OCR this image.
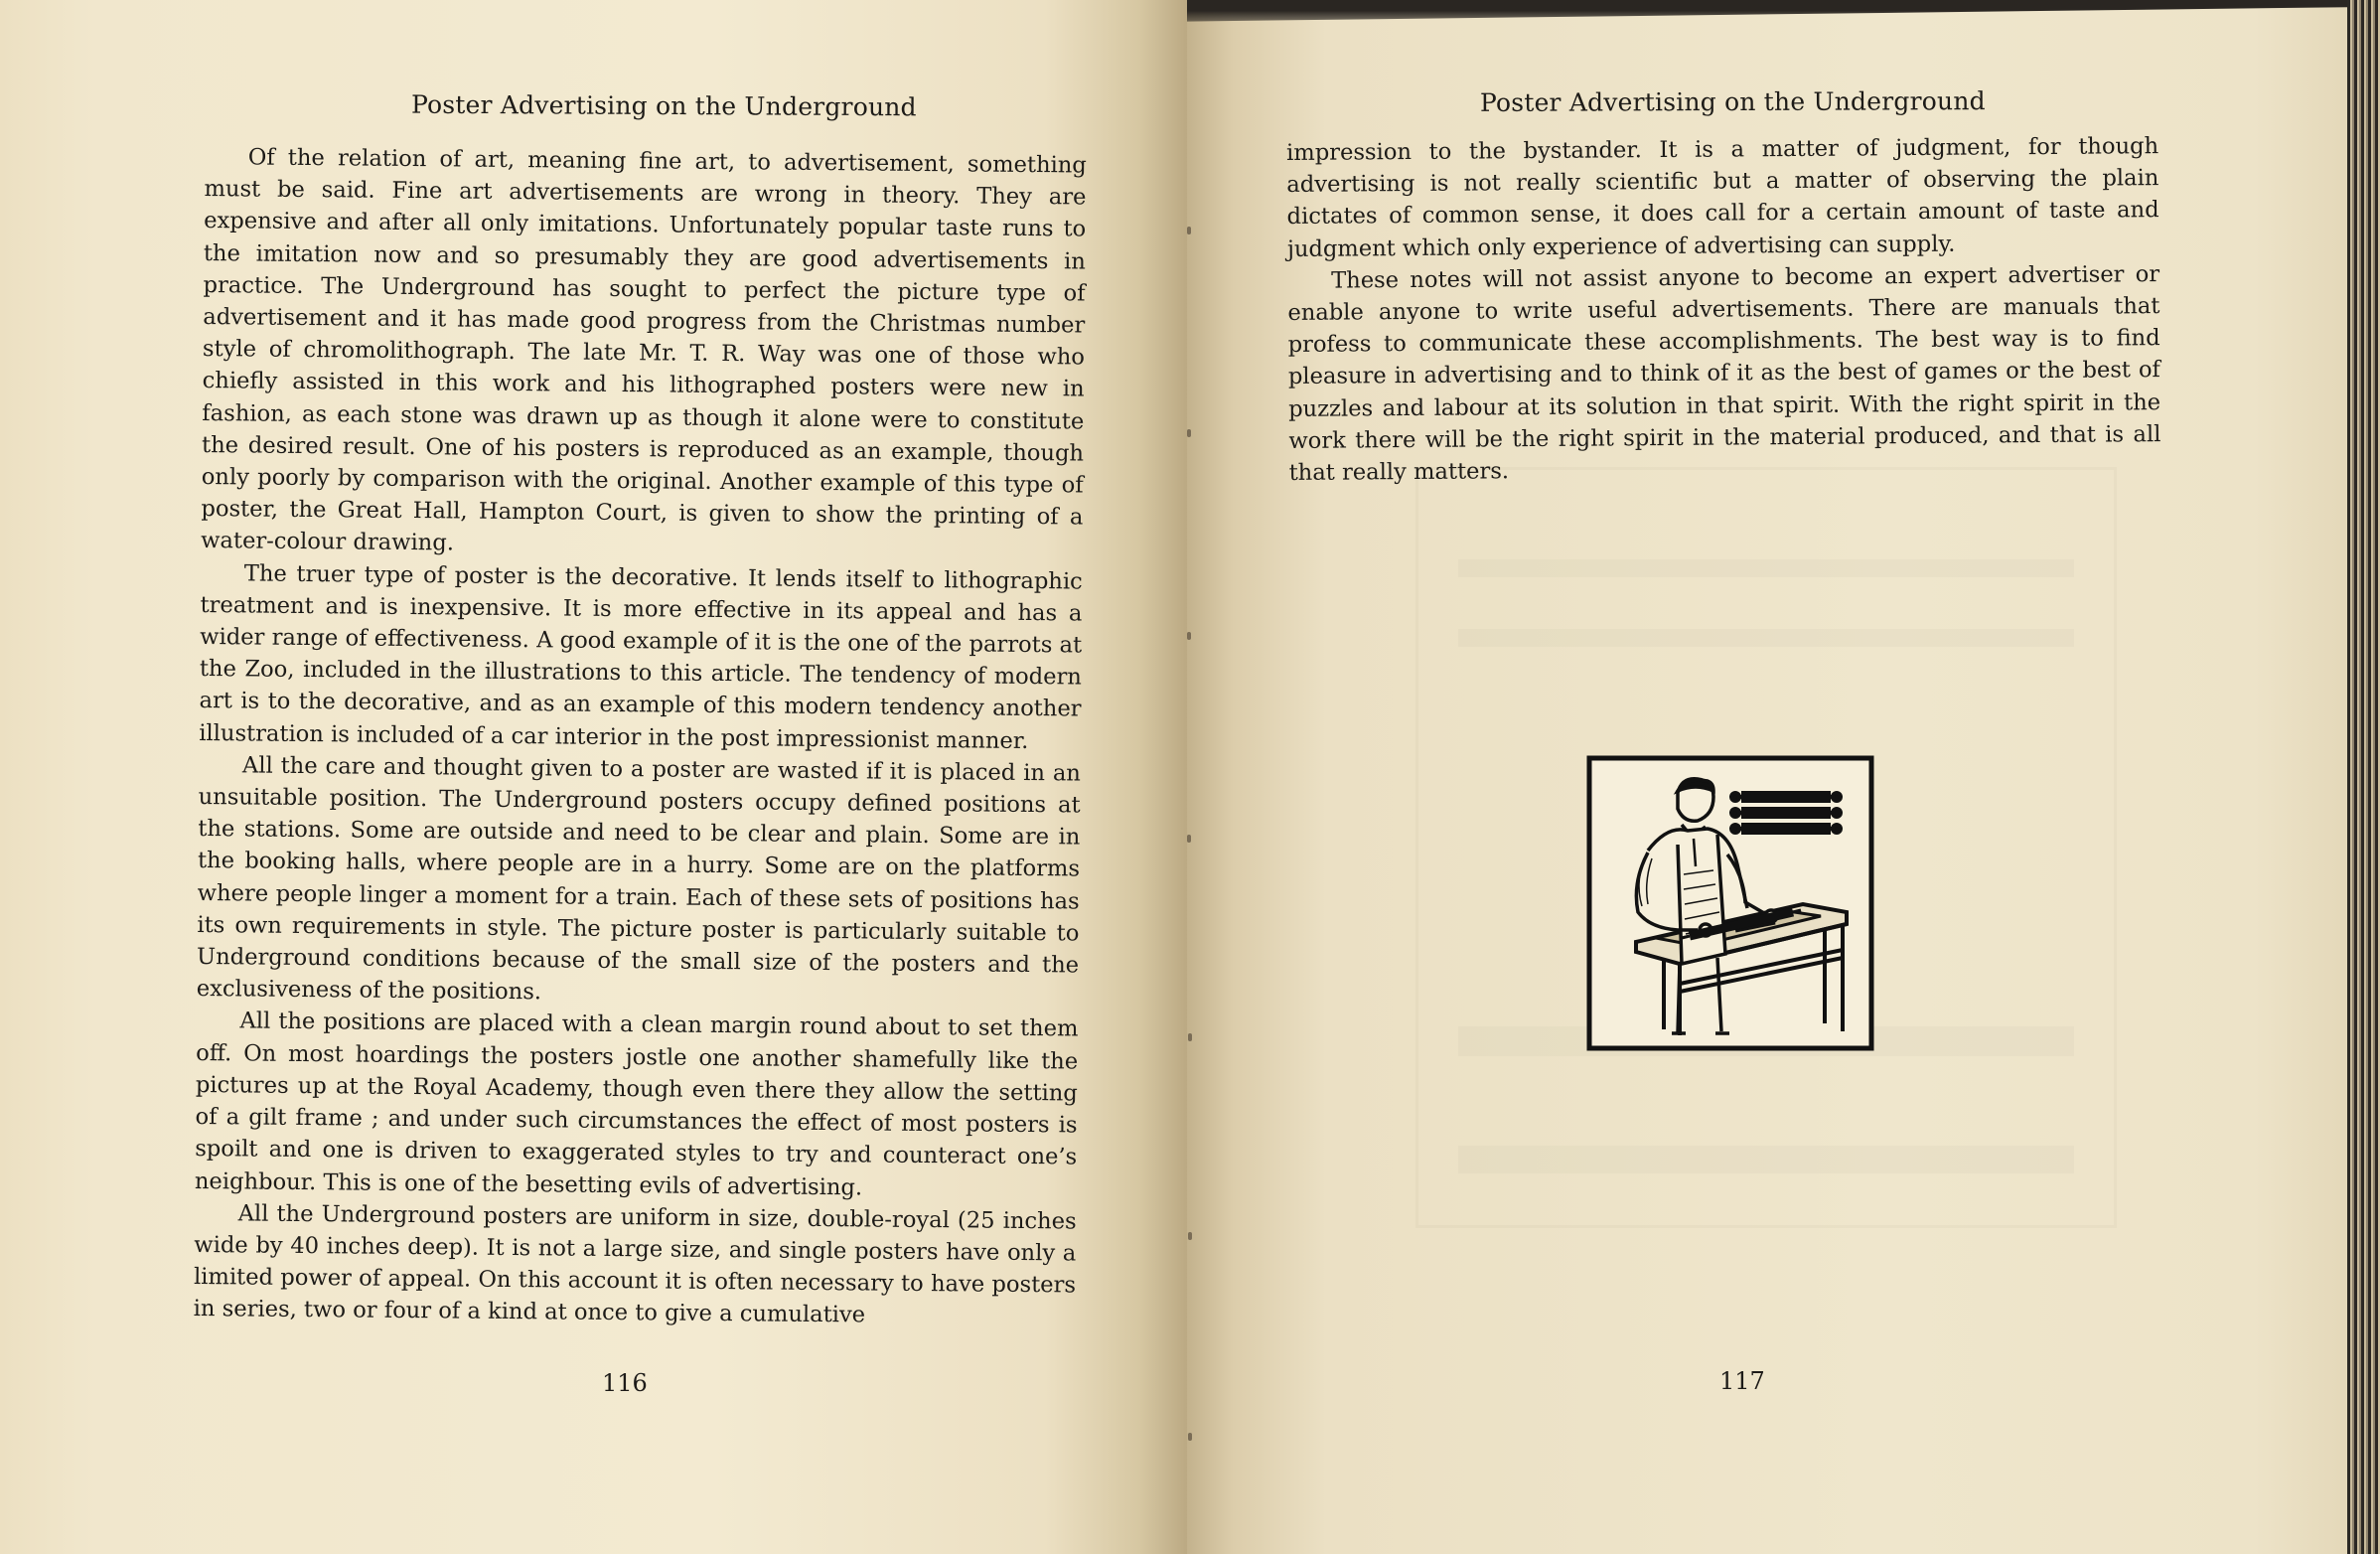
Poster Advertising on the Underground

Of the relation of art, meaning fine art, to advertisement, something must be said. Fine art advertisements are wrong in theory. They are expensive and after all only imitations. Unfortunately popular taste runs to the imitation now and so presumably they are good advertisements in practice. The Underground has sought to perfect the picture type of advertisement and it has made good progress from the Christmas number style of chromolithograph. The late Mr. T. R. Way was one of those who chiefly assisted in this work and his lithographed posters were new in fashion, as each stone was drawn up as though it alone were to constitute the desired result. One of his posters is reproduced as an example, though only poorly by comparison with the original. Another example of this type of poster, the Great Hall, Hampton Court, is given to show the printing of a water-colour drawing.

The truer type of poster is the decorative. It lends itself to lithographic treatment and is inexpensive. It is more effective in its appeal and has a wider range of effectiveness. A good example of it is the one of the parrots at the Zoo, included in the illustrations to this article. The tendency of modern art is to the decorative, and as an example of this modern tendency another illustration is included of a car interior in the post impressionist manner.

All the care and thought given to a poster are wasted if it is placed in an unsuitable position. The Underground posters occupy defined positions at the stations. Some are outside and need to be clear and plain. Some are in the booking halls, where people are in a hurry. Some are on the platforms where people linger a moment for a train. Each of these sets of positions has its own requirements in style. The picture poster is particularly suitable to Underground conditions because of the small size of the posters and the exclusiveness of the positions.

All the positions are placed with a clean margin round about to set them off. On most hoardings the posters jostle one another shamefully like the pictures up at the Royal Academy, though even there they allow the setting of a gilt frame ; and under such circumstances the effect of most posters is spoilt and one is driven to exaggerated styles to try and counteract one’s neighbour. This is one of the besetting evils of advertising.

All the Underground posters are uniform in size, double-royal (25 inches wide by 40 inches deep). It is not a large size, and single posters have only a limited power of appeal. On this account it is often necessary to have posters in series, two or four of a kind at once to give a cumulative

116
Poster Advertising on the Underground

impression to the bystander. It is a matter of judgment, for though advertising is not really scientific but a matter of observing the plain dictates of common sense, it does call for a certain amount of taste and judgment which only experience of advertising can supply.

These notes will not assist anyone to become an expert advertiser or enable anyone to write useful advertisements. There are manuals that profess to communicate these accomplishments. The best way is to find pleasure in advertising and to think of it as the best of games or the best of puzzles and labour at its solution in that spirit. With the right spirit in the work there will be the right spirit in the material produced, and that is all that really matters.

117
